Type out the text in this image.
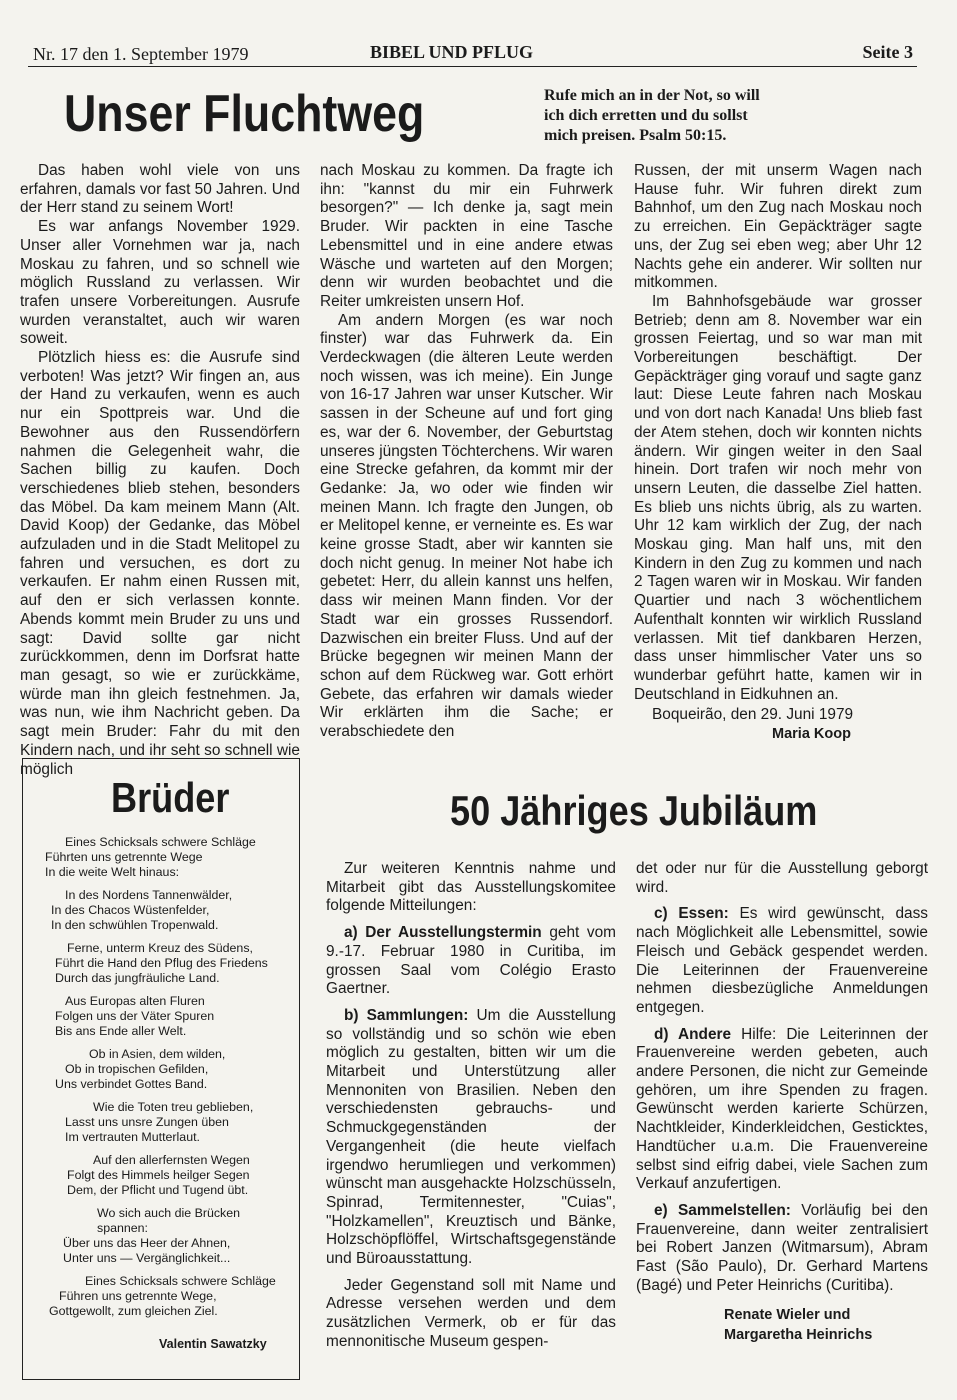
Nr. 17 den 1. September 1979	BIBEL UND PFLUG	Seite 3
Unser Fluchtweg	Rufe mich an in der Not, so will
ich dich erretten und du sollst
mich preisen. Psalm 50:15.

Das haben wohl viele von uns erfahren, damals vor fast 50 Jahren. Und der Herr stand zu seinem Wort!

Es war anfangs November 1929. Unser aller Vornehmen war ja, nach Moskau zu fahren, und so schnell wie möglich Russland zu verlassen. Wir trafen unsere Vorbereitungen. Ausrufe wurden veranstaltet, auch wir waren soweit.

Plötzlich hiess es: die Ausrufe sind verboten! Was jetzt? Wir fingen an, aus der Hand zu verkaufen, wenn es auch nur ein Spottpreis war. Und die Bewohner aus den Russendörfern nahmen die Gelegenheit wahr, die Sachen billig zu kaufen. Doch verschiedenes blieb stehen, besonders das Möbel. Da kam meinem Mann (Alt. David Koop) der Gedanke, das Möbel aufzuladen und in die Stadt Melitopel zu fahren und versuchen, es dort zu verkaufen. Er nahm einen Russen mit, auf den er sich verlassen konnte. Abends kommt mein Bruder zu uns und sagt: David sollte gar nicht zurückkommen, denn im Dorfsrat hatte man gesagt, so wie er zurückkäme, würde man ihn gleich festnehmen. Ja, was nun, wie ihm Nachricht geben. Da sagt mein Bruder: Fahr du mit den Kindern nach, und ihr seht so schnell wie möglich

nach Moskau zu kommen. Da fragte ich ihn: "kannst du mir ein Fuhrwerk besorgen?" — Ich denke ja, sagt mein Bruder. Wir packten in eine Tasche Lebensmittel und in eine andere etwas Wäsche und warteten auf den Morgen; denn wir wurden beobachtet und die Reiter umkreisten unsern Hof.

Am andern Morgen (es war noch finster) war das Fuhrwerk da. Ein Verdeckwagen (die älteren Leute werden noch wissen, was ich meine). Ein Junge von 16-17 Jahren war unser Kutscher. Wir sassen in der Scheune auf und fort ging es, war der 6. November, der Geburtstag unseres jüngsten Töchterchens. Wir waren eine Strecke gefahren, da kommt mir der Gedanke: Ja, wo oder wie finden wir meinen Mann. Ich fragte den Jungen, ob er Melitopel kenne, er verneinte es. Es war keine grosse Stadt, aber wir kannten sie doch nicht genug. In meiner Not habe ich gebetet: Herr, du allein kannst uns helfen, dass wir meinen Mann finden. Vor der Stadt war ein grosses Russendorf. Dazwischen ein breiter Fluss. Und auf der Brücke begegnen wir meinen Mann der schon auf dem Rückweg war. Gott erhört Gebete, das erfahren wir damals wieder Wir erklärten ihm die Sache; er verabschiedete den

Russen, der mit unserm Wagen nach Hause fuhr. Wir fuhren direkt zum Bahnhof, um den Zug nach Moskau noch zu erreichen. Ein Gepäckträger sagte uns, der Zug sei eben weg; aber Uhr 12 Nachts gehe ein anderer. Wir sollten nur mitkommen.

Im Bahnhofsgebäude war grosser Betrieb; denn am 8. November war ein grossen Feiertag, und so war man mit Vorbereitungen beschäftigt. Der Gepäckträger ging vorauf und sagte ganz laut: Diese Leute fahren nach Moskau und von dort nach Kanada! Uns blieb fast der Atem stehen, doch wir konnten nichts ändern. Wir gingen weiter in den Saal hinein. Dort trafen wir noch mehr von unsern Leuten, die dasselbe Ziel hatten. Es blieb uns nichts übrig, als zu warten. Uhr 12 kam wirklich der Zug, der nach Moskau ging. Man half uns, mit den Kindern in den Zug zu kommen und nach 2 Tagen waren wir in Moskau. Wir fanden Quartier und nach 3 wöchentlichem Aufenthalt konnten wir wirklich Russland verlassen. Mit tief dankbaren Herzen, dass unser himmlischer Vater uns so wunderbar geführt hatte, kamen wir in Deutschland in Eidkuhnen an.

Boqueirão, den 29. Juni 1979

Maria Koop
Brüder
Eines Schicksals schwere Schläge
Führten uns getrennte Wege
In die weite Welt hinaus:
In des Nordens Tannenwälder,
In des Chacos Wüstenfelder,
In den schwühlen Tropenwald.
Ferne, unterm Kreuz des Südens,
Führt die Hand den Pflug des Friedens
Durch das jungfräuliche Land.
Aus Europas alten Fluren
Folgen uns der Väter Spuren
Bis ans Ende aller Welt.
Ob in Asien, dem wilden,
Ob in tropischen Gefilden,
Uns verbindet Gottes Band.
Wie die Toten treu geblieben,
Lasst uns unsre Zungen üben
Im vertrauten Mutterlaut.
Auf den allerfernsten Wegen
Folgt des Himmels heilger Segen
Dem, der Pflicht und Tugend übt.
Wo sich auch die Brücken spannen:
Über uns das Heer der Ahnen,
Unter uns — Vergänglichkeit...
Eines Schicksals schwere Schläge
Führen uns getrennte Wege,
Gottgewollt, zum gleichen Ziel.
Valentin Sawatzky
50 Jähriges Jubiläum

Zur weiteren Kenntnis nahme und Mitarbeit gibt das Ausstellungskomitee folgende Mitteilungen:

a) Der Ausstellungstermin geht vom 9.-17. Februar 1980 in Curitiba, im grossen Saal vom Colégio Erasto Gaertner.

b) Sammlungen: Um die Ausstellung so vollständig und so schön wie eben möglich zu gestalten, bitten wir um die Mitarbeit und Unterstützung aller Mennoniten von Brasilien. Neben den verschiedensten gebrauchs- und Schmuckgegenständen der Vergangenheit (die heute vielfach irgendwo herumliegen und verkommen) wünscht man ausgehackte Holzschüsseln, Spinrad, Termitennester, "Cuias", "Holzkamellen", Kreuztisch und Bänke, Holzschöpflöffel, Wirtschaftsgegenstände und Büroausstattung.

Jeder Gegenstand soll mit Name und Adresse versehen werden und dem zusätzlichen Vermerk, ob er für das mennonitische Museum gespen-

det oder nur für die Ausstellung geborgt wird.

c) Essen: Es wird gewünscht, dass nach Möglichkeit alle Lebensmittel, sowie Fleisch und Gebäck gespendet werden. Die Leiterinnen der Frauenvereine nehmen diesbezügliche Anmeldungen entgegen.

d) Andere Hilfe: Die Leiterinnen der Frauenvereine werden gebeten, auch andere Personen, die nicht zur Gemeinde gehören, um ihre Spenden zu fragen. Gewünscht werden karierte Schürzen, Nachtkleider, Kinderkleidchen, Gesticktes, Handtücher u.a.m. Die Frauenvereine selbst sind eifrig dabei, viele Sachen zum Verkauf anzufertigen.

e) Sammelstellen: Vorläufig bei den Frauenvereine, dann weiter zentralisiert bei Robert Janzen (Witmarsum), Abram Fast (São Paulo), Dr. Gerhard Martens (Bagé) und Peter Heinrichs (Curitiba).

Renate Wieler und
Margaretha Heinrichs
